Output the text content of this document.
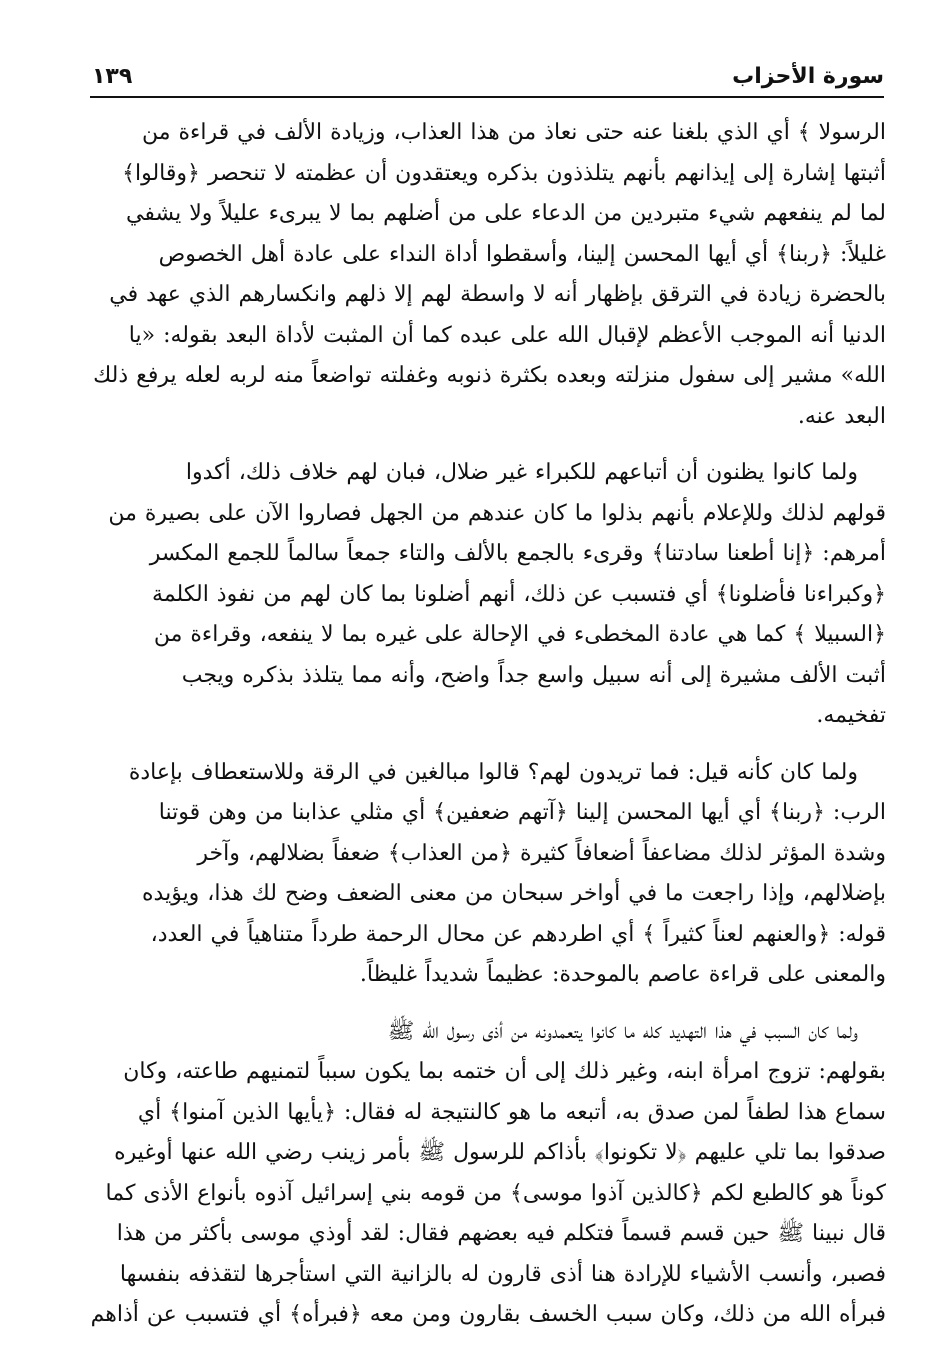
سورة الأحزاب
١٣٩

الرسولا ﴾ أي الذي بلغنا عنه حتى نعاذ من هذا العذاب، وزيادة الألف في قراءة من
أثبتها إشارة إلى إيذانهم بأنهم يتلذذون بذكره ويعتقدون أن عظمته لا تنحصر ﴿وقالوا﴾
لما لم ينفعهم شيء متبردين من الدعاء على من أضلهم بما لا يبرىء عليلاً ولا يشفي
غليلاً: ﴿ربنا﴾ أي أيها المحسن إلينا، وأسقطوا أداة النداء على عادة أهل الخصوص
بالحضرة زيادة في الترقق بإظهار أنه لا واسطة لهم إلا ذلهم وانكسارهم الذي عهد في
الدنيا أنه الموجب الأعظم لإقبال الله على عبده كما أن المثبت لأداة البعد بقوله: «يا
الله» مشير إلى سفول منزلته وبعده بكثرة ذنوبه وغفلته تواضعاً منه لربه لعله يرفع ذلك
البعد عنه.

ولما كانوا يظنون أن أتباعهم للكبراء غير ضلال، فبان لهم خلاف ذلك، أكدوا
قولهم لذلك وللإعلام بأنهم بذلوا ما كان عندهم من الجهل فصاروا الآن على بصيرة من
أمرهم: ﴿إنا أطعنا سادتنا﴾ وقرىء بالجمع بالألف والتاء جمعاً سالماً للجمع المكسر
﴿وكبراءنا فأضلونا﴾ أي فتسبب عن ذلك، أنهم أضلونا بما كان لهم من نفوذ الكلمة
﴿السبيلا ﴾ كما هي عادة المخطىء في الإحالة على غيره بما لا ينفعه، وقراءة من
أثبت الألف مشيرة إلى أنه سبيل واسع جداً واضح، وأنه مما يتلذذ بذكره ويجب
تفخيمه.

ولما كان كأنه قيل: فما تريدون لهم؟ قالوا مبالغين في الرقة وللاستعطاف بإعادة
الرب: ﴿ربنا﴾ أي أيها المحسن إلينا ﴿آتهم ضعفين﴾ أي مثلي عذابنا من وهن قوتنا
وشدة المؤثر لذلك مضاعفاً أضعافاً كثيرة ﴿من العذاب﴾ ضعفاً بضلالهم، وآخر
بإضلالهم، وإذا راجعت ما في أواخر سبحان من معنى الضعف وضح لك هذا، ويؤيده
قوله: ﴿والعنهم لعناً كثيراً ﴾ أي اطردهم عن محال الرحمة طرداً متناهياً في العدد،
والمعنى على قراءة عاصم بالموحدة: عظيماً شديداً غليظاً.

ولما كان السبب في هذا التهديد كله ما كانوا يتعمدونه من أذى رسول الله ﷺ
بقولهم: تزوج امرأة ابنه، وغير ذلك إلى أن ختمه بما يكون سبباً لتمنيهم طاعته، وكان
سماع هذا لطفاً لمن صدق به، أتبعه ما هو كالنتيجة له فقال: ﴿يأيها الذين آمنوا﴾ أي
صدقوا بما تلي عليهم ﴿لا تكونوا﴾ بأذاكم للرسول ﷺ بأمر زينب رضي الله عنها أوغيره
كوناً هو كالطبع لكم ﴿كالذين آذوا موسى﴾ من قومه بني إسرائيل آذوه بأنواع الأذى كما
قال نبينا ﷺ حين قسم قسماً فتكلم فيه بعضهم فقال: لقد أوذي موسى بأكثر من هذا
فصبر، وأنسب الأشياء للإرادة هنا أذى قارون له بالزانية التي استأجرها لتقذفه بنفسها
فبرأه الله من ذلك، وكان سبب الخسف بقارون ومن معه ﴿فبرأه﴾ أي فتسبب عن أذاهم
